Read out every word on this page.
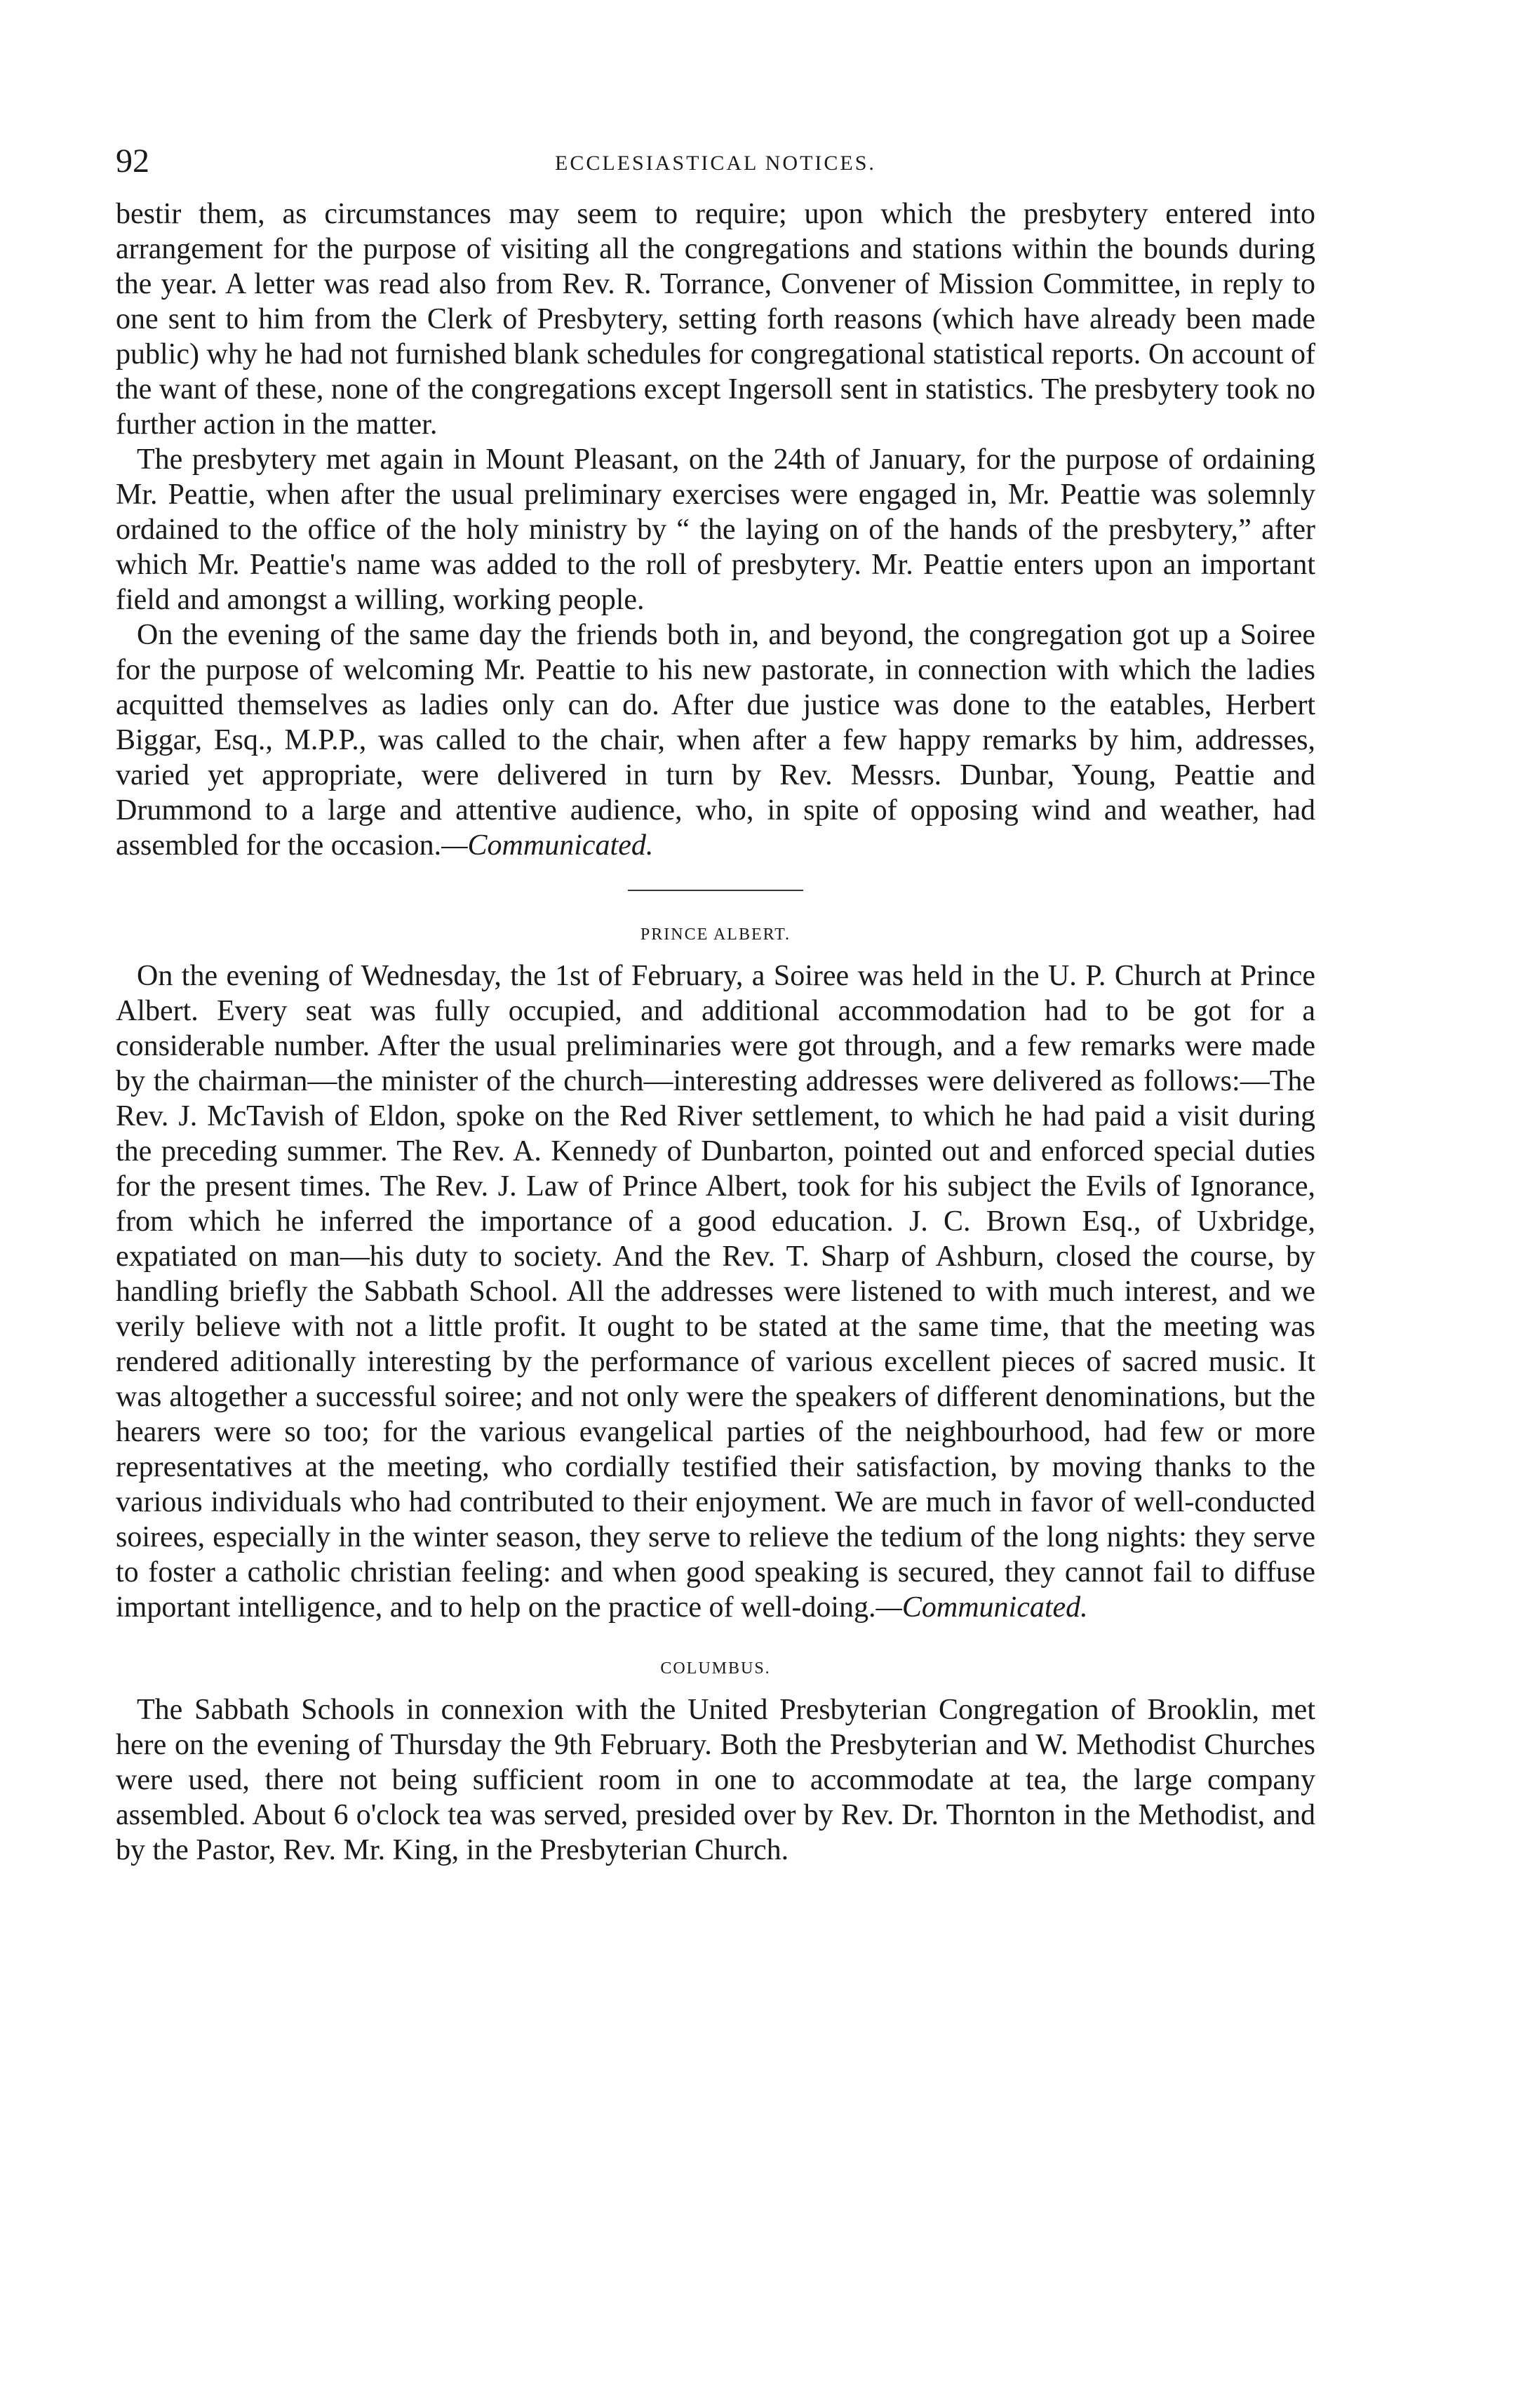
92	ECCLESIASTICAL NOTICES.

bestir them, as circumstances may seem to require; upon which the presbytery entered into arrangement for the purpose of visiting all the congregations and stations within the bounds during the year. A letter was read also from Rev. R. Torrance, Convener of Mission Committee, in reply to one sent to him from the Clerk of Presbytery, setting forth reasons (which have already been made public) why he had not furnished blank schedules for congregational statistical reports. On account of the want of these, none of the congregations except Ingersoll sent in statistics. The presbytery took no further action in the matter.

The presbytery met again in Mount Pleasant, on the 24th of January, for the purpose of ordaining Mr. Peattie, when after the usual preliminary exercises were engaged in, Mr. Peattie was solemnly ordained to the office of the holy ministry by “ the laying on of the hands of the presbytery,” after which Mr. Peattie's name was added to the roll of presbytery. Mr. Peattie enters upon an important field and amongst a willing, working people.

On the evening of the same day the friends both in, and beyond, the congregation got up a Soiree for the purpose of welcoming Mr. Peattie to his new pastorate, in connection with which the ladies acquitted themselves as ladies only can do. After due justice was done to the eatables, Herbert Biggar, Esq., M.P.P., was called to the chair, when after a few happy remarks by him, addresses, varied yet appropriate, were delivered in turn by Rev. Messrs. Dunbar, Young, Peattie and Drummond to a large and attentive audience, who, in spite of opposing wind and weather, had assembled for the occasion.—Communicated.

PRINCE ALBERT.

On the evening of Wednesday, the 1st of February, a Soiree was held in the U. P. Church at Prince Albert. Every seat was fully occupied, and additional accommodation had to be got for a considerable number. After the usual preliminaries were got through, and a few remarks were made by the chairman—the minister of the church—interesting addresses were delivered as follows:—The Rev. J. McTavish of Eldon, spoke on the Red River settlement, to which he had paid a visit during the preceding summer. The Rev. A. Kennedy of Dunbarton, pointed out and enforced special duties for the present times. The Rev. J. Law of Prince Albert, took for his subject the Evils of Ignorance, from which he inferred the importance of a good education. J. C. Brown Esq., of Uxbridge, expatiated on man—his duty to society. And the Rev. T. Sharp of Ashburn, closed the course, by handling briefly the Sabbath School. All the addresses were listened to with much interest, and we verily believe with not a little profit. It ought to be stated at the same time, that the meeting was rendered aditionally interesting by the performance of various excellent pieces of sacred music. It was altogether a successful soiree; and not only were the speakers of different denominations, but the hearers were so too; for the various evangelical parties of the neighbourhood, had few or more representatives at the meeting, who cordially testified their satisfaction, by moving thanks to the various individuals who had contributed to their enjoyment. We are much in favor of well-conducted soirees, especially in the winter season, they serve to relieve the tedium of the long nights: they serve to foster a catholic christian feeling: and when good speaking is secured, they cannot fail to diffuse important intelligence, and to help on the practice of well-doing.—Communicated.

COLUMBUS.

The Sabbath Schools in connexion with the United Presbyterian Congregation of Brooklin, met here on the evening of Thursday the 9th February. Both the Presbyterian and W. Methodist Churches were used, there not being sufficient room in one to accommodate at tea, the large company assembled. About 6 o'clock tea was served, presided over by Rev. Dr. Thornton in the Methodist, and by the Pastor, Rev. Mr. King, in the Presbyterian Church.
